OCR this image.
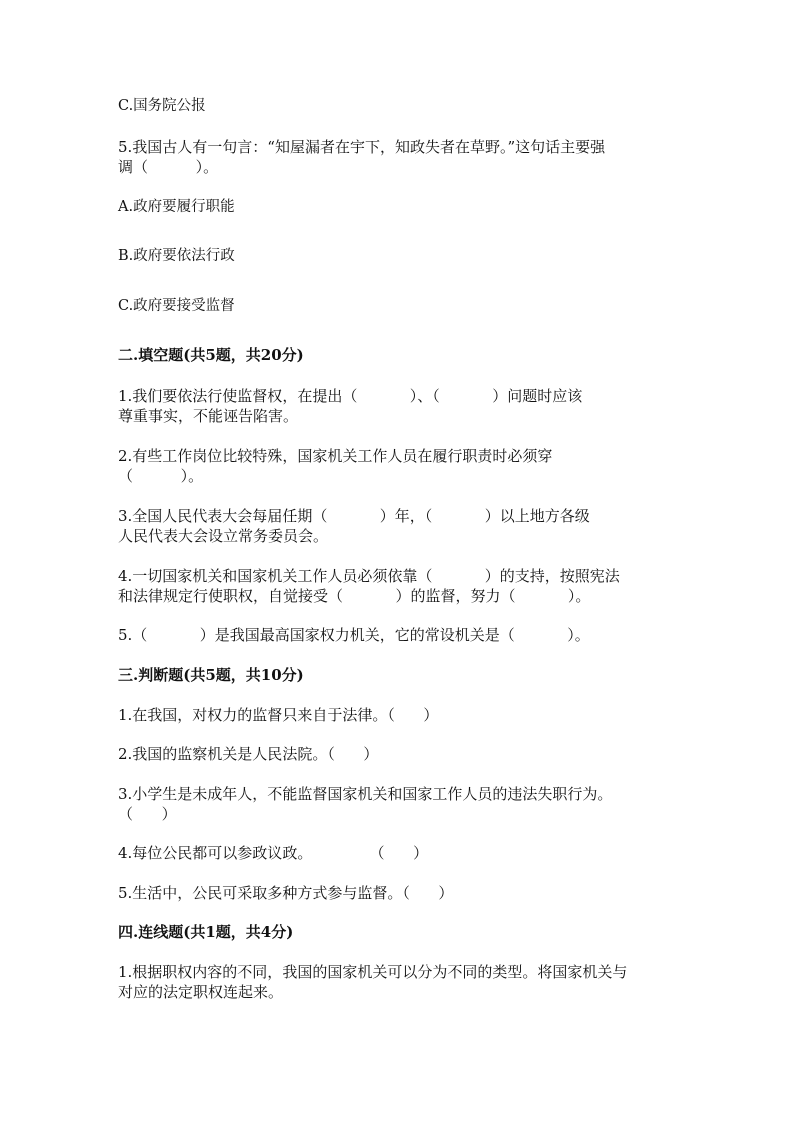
C.国务院公报
5.我国古人有一句言：“知屋漏者在宇下，知政失者在草野。”这句话主要强
调（          ）。
A.政府要履行职能
B.政府要依法行政
C.政府要接受监督
二.填空题(共5题，共20分)
1.我们要依法行使监督权，在提出（           ）、（           ）问题时应该
尊重事实，不能诬告陷害。
2.有些工作岗位比较特殊，国家机关工作人员在履行职责时必须穿
（          ）。
3.全国人民代表大会每届任期（           ）年，（           ）以上地方各级
人民代表大会设立常务委员会。
4.一切国家机关和国家机关工作人员必须依靠（           ）的支持，按照宪法
和法律规定行使职权，自觉接受（           ）的监督，努力（           ）。
5.（           ）是我国最高国家权力机关，它的常设机关是（           ）。
三.判断题(共5题，共10分)
1.在我国，对权力的监督只来自于法律。（      ）
2.我国的监察机关是人民法院。（      ）
3.小学生是未成年人，不能监督国家机关和国家工作人员的违法失职行为。
（      ）
4.每位公民都可以参政议政。            （      ）
5.生活中，公民可采取多种方式参与监督。（      ）
四.连线题(共1题，共4分)
1.根据职权内容的不同，我国的国家机关可以分为不同的类型。将国家机关与
对应的法定职权连起来。
